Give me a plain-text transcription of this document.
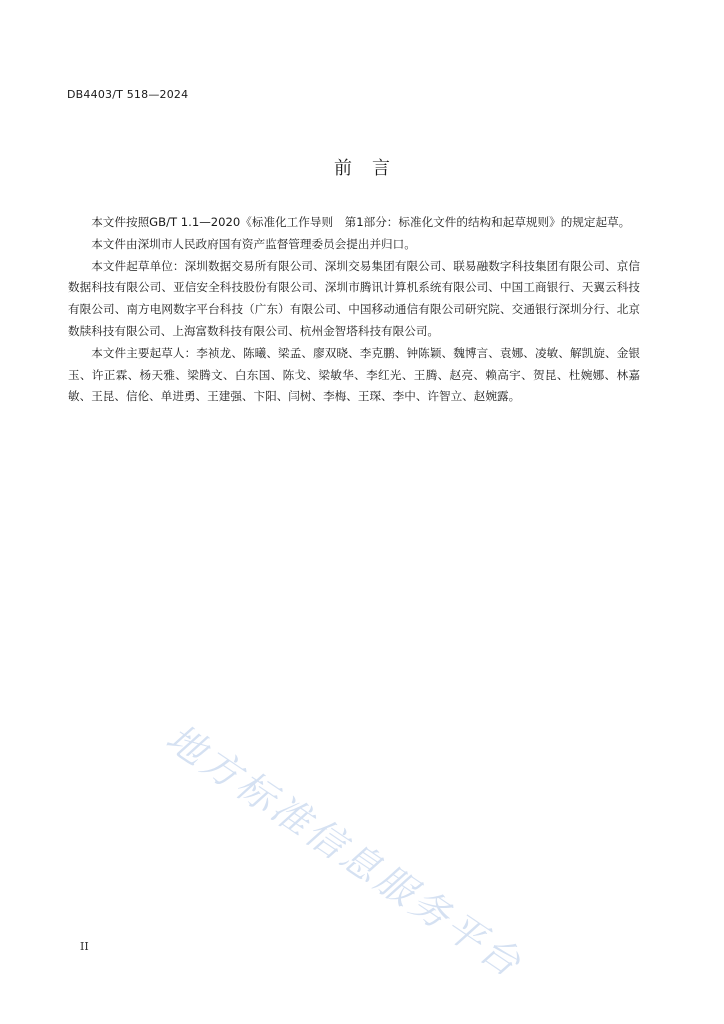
DB4403/T 518—2024
前言

本文件按照GB/T 1.1—2020《标准化工作导则　第1部分：标准化文件的结构和起草规则》的规定起草。

本文件由深圳市人民政府国有资产监督管理委员会提出并归口。

本文件起草单位：深圳数据交易所有限公司、深圳交易集团有限公司、联易融数字科技集团有限公司、京信数据科技有限公司、亚信安全科技股份有限公司、深圳市腾讯计算机系统有限公司、中国工商银行、天翼云科技有限公司、南方电网数字平台科技（广东）有限公司、中国移动通信有限公司研究院、交通银行深圳分行、北京数牍科技有限公司、上海富数科技有限公司、杭州金智塔科技有限公司。

本文件主要起草人：李祯龙、陈曦、梁孟、廖双晓、李克鹏、钟陈颖、魏博言、袁娜、凌敏、解凯旋、金银玉、许正霖、杨天雅、梁腾文、白东国、陈戈、梁敏华、李红光、王腾、赵亮、赖高宇、贺昆、杜婉娜、林嘉敏、王昆、信伦、单进勇、王建强、卞阳、闫树、李梅、王琛、李中、许智立、赵婉露。

地方标准信息服务平台
II
